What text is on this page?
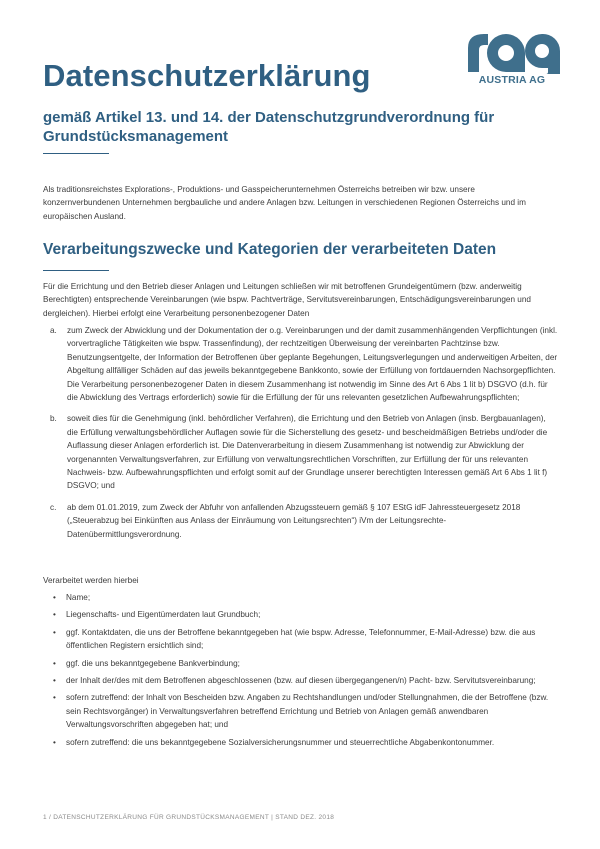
AUSTRIA AG
Datenschutzerklärung
gemäß Artikel 13. und 14. der Datenschutzgrundverordnung für Grundstücksmanagement

Als traditionsreichstes Explorations-, Produktions- und Gasspeicherunternehmen Österreichs betreiben wir bzw. unsere konzernverbundenen Unternehmen bergbauliche und andere Anlagen bzw. Leitungen in verschiedenen Regionen Österreichs und im europäischen Ausland.

Verarbeitungszwecke und Kategorien der verarbeiteten Daten

Für die Errichtung und den Betrieb dieser Anlagen und Leitungen schließen wir mit betroffenen Grundeigentümern (bzw. anderweitig Berechtigten) entsprechende Vereinbarungen (wie bspw. Pachtverträge, Servitutsvereinbarungen, Entschädigungsvereinbarungen und dergleichen). Hierbei erfolgt eine Verarbeitung personenbezogener Daten

a. zum Zweck der Abwicklung und der Dokumentation der o.g. Vereinbarungen und der damit zusammenhängenden Verpflichtungen (inkl. vorvertragliche Tätigkeiten wie bspw. Trassenfindung), der rechtzeitigen Überweisung der vereinbarten Pachtzinse bzw. Benutzungsentgelte, der Information der Betroffenen über geplante Begehungen, Leitungsverlegungen und anderweitigen Arbeiten, der Abgeltung allfälliger Schäden auf das jeweils bekanntgegebene Bankkonto, sowie der Erfüllung von fortdauernden Nachsorgepflichten. Die Verarbeitung personenbezogener Daten in diesem Zusammenhang ist notwendig im Sinne des Art 6 Abs 1 lit b) DSGVO (d.h. für die Abwicklung des Vertrags erforderlich) sowie für die Erfüllung der für uns relevanten gesetzlichen Aufbewahrungspflichten;
b. soweit dies für die Genehmigung (inkl. behördlicher Verfahren), die Errichtung und den Betrieb von Anlagen (insb. Bergbauanlagen), die Erfüllung verwaltungsbehördlicher Auflagen sowie für die Sicherstellung des gesetz- und bescheidmäßigen Betriebs und/oder die Auflassung dieser Anlagen erforderlich ist. Die Datenverarbeitung in diesem Zusammenhang ist notwendig zur Abwicklung der vorgenannten Verwaltungsverfahren, zur Erfüllung von verwaltungsrechtlichen Vorschriften, zur Erfüllung der für uns relevanten Nachweis- bzw. Aufbewahrungspflichten und erfolgt somit auf der Grundlage unserer berechtigten Interessen gemäß Art 6 Abs 1 lit f) DSGVO; und
c. ab dem 01.01.2019, zum Zweck der Abfuhr von anfallenden Abzugssteuern gemäß § 107 EStG idF Jahressteuergesetz 2018 („Steuerabzug bei Einkünften aus Anlass der Einräumung von Leitungsrechten“) iVm der Leitungsrechte- Datenübermittlungsverordnung.

Verarbeitet werden hierbei

• Name;
• Liegenschafts- und Eigentümerdaten laut Grundbuch;
• ggf. Kontaktdaten, die uns der Betroffene bekanntgegeben hat (wie bspw. Adresse, Telefonnummer, E-Mail-Adresse) bzw. die aus öffentlichen Registern ersichtlich sind;
• ggf. die uns bekanntgegebene Bankverbindung;
• der Inhalt der/des mit dem Betroffenen abgeschlossenen (bzw. auf diesen übergegangenen/n) Pacht- bzw. Servitutsvereinbarung;
• sofern zutreffend: der Inhalt von Bescheiden bzw. Angaben zu Rechtshandlungen und/oder Stellungnahmen, die der Betroffene (bzw. sein Rechtsvorgänger) in Verwaltungsverfahren betreffend Errichtung und Betrieb von Anlagen gemäß anwendbaren Verwaltungsvorschriften abgegeben hat; und
• sofern zutreffend: die uns bekanntgegebene Sozialversicherungsnummer und steuerrechtliche Abgabenkontonummer.
1 / DATENSCHUTZERKLÄRUNG FÜR GRUNDSTÜCKSMANAGEMENT | STAND DEZ. 2018
